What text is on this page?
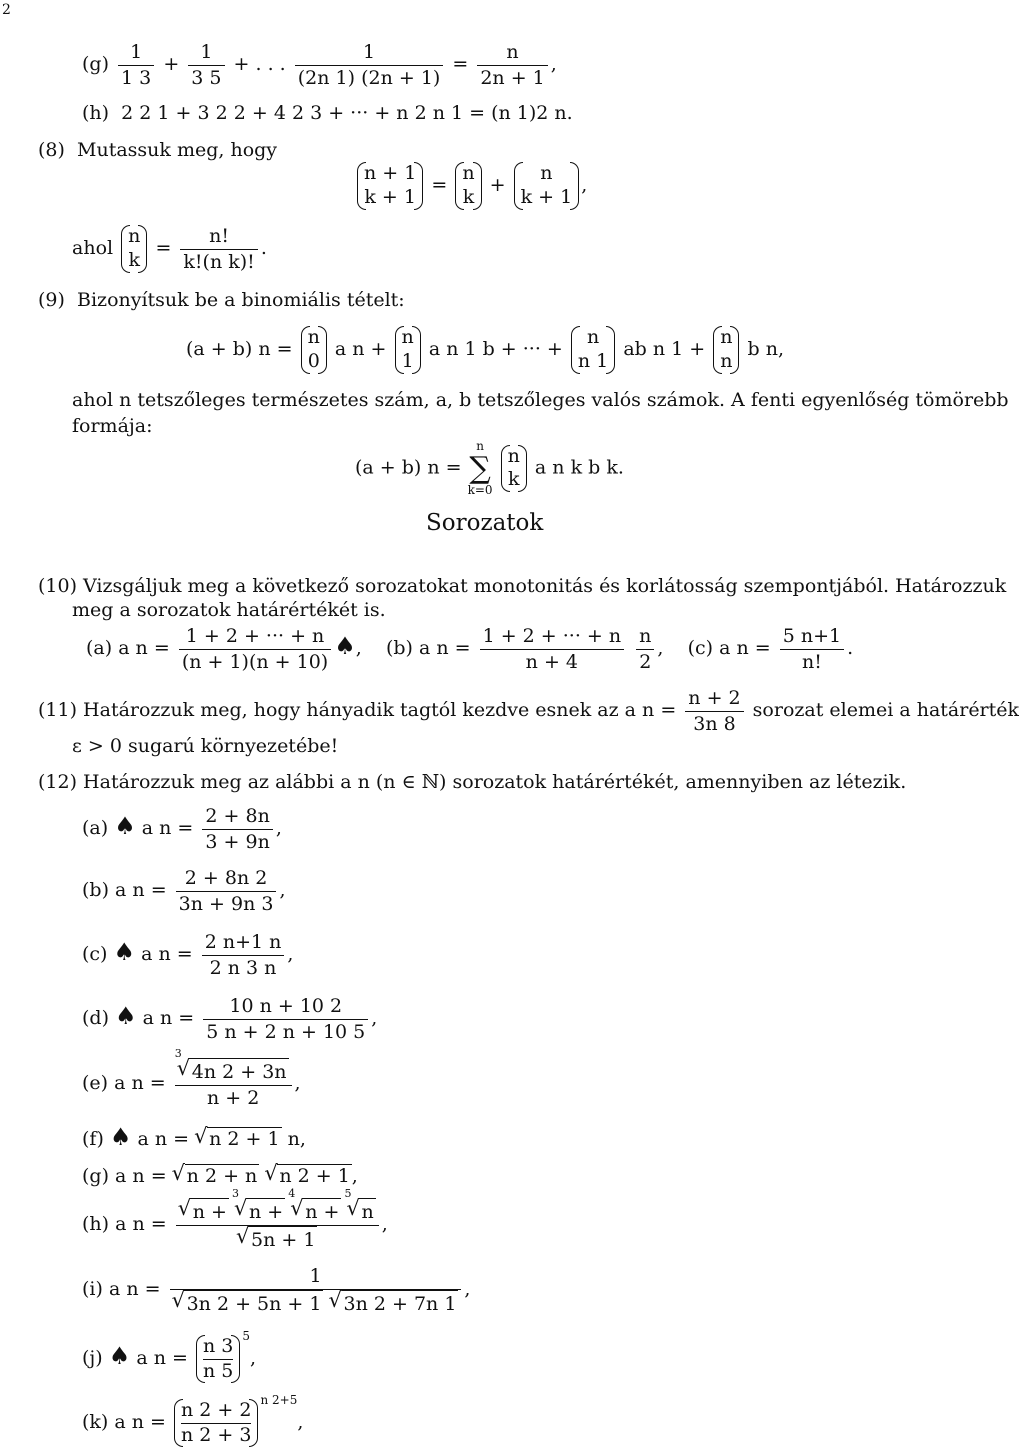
2
$(g) \frac{1}{1 3} + \frac{1}{3 5}$ + . . . $\frac{1}{(2n 1) (2n + 1)} = \frac{n}{2n + 1}$ ,
(h) 2 2 1 + 3 2 2 + 4 2 3 + ··· + n 2 n 1 = (n 1)2 n.
(8) Mutassuk meg, hogy
n + 1
k + 1
=
n
k
+
n
k + 1
,
ahol
n
k
= $\frac{n!}{\text{k!(n k)!}}$ .
(9) Bizonyítsuk be a binomiális tételt:
(a + b) n =
n
0
a n +
n
1
a n 1 b + ··· +
n
n 1
ab n 1 +
n
n
b n,
ahol n tetszőleges természetes szám, a, b tetszőleges valós számok. A fenti egyenlőség tömörebb
formája:
(a + b) n =
n
∑
k=0

n
k
a n k b k.
Sorozatok
(10) Vizsgáljuk meg a következő sorozatokat monotonitás és korlátosság szempontjából. Határozzuk
meg a sorozatok határértékét is.
(a) a $n = \frac{1 + 2 + \cdot\cdot\cdot + n}{(n + 1)(n + 10)}$ ♠, (b) a $n = \frac{1 + 2 + \cdot\cdot\cdot + n}{n + 4}$
$\frac{n}{2}$ , (c) a $n = \frac{5 n+1}{n!}$ .
(11) Határozzuk meg, hogy hányadik tagtól kezdve esnek az a $n = \frac{n + 2}{3n 8}$ sorozat elemei a határérték
ε > 0 sugarú környezetébe!
(12) Határozzuk meg az alábbi a n (n ∈ ℕ) sorozatok határértékét, amennyiben az létezik.
(a) ♠ a $n = \frac{2 + 8n}{3 + 9n}$ ,
(b) a $n = \frac{2 + 8n 2}{3n + 9n 3}$ ,
(c) ♠ a $n = \frac{2 n+1 n}{2 n 3 n}$ ,
(d) ♠ a $n = \frac{10 n + 10 2}{5 n + 2 n + 10 5}$ ,
(e) a n = √ 3
4n 2 + 3n
n + 2 ,
(f) ♠ a n = √ n 2 + 1 n,
(g) a n = √ n 2 + n √ n 2 + 1 ,
(h) a n = √ n +
√ 3
n +
√ 4
n +
√ 5
n
√ 5n + 1 ,
(i) a n = 1
√ 3n 2 + 5n + 1 √ 3n 2 + 7n 1 ,
(j) ♠ a $n = \frac{n 3}{n 5} ^5$,
(k) a $n = \frac{n 2 + 2}{n 2 + 3} ^{n 2+5}$,
